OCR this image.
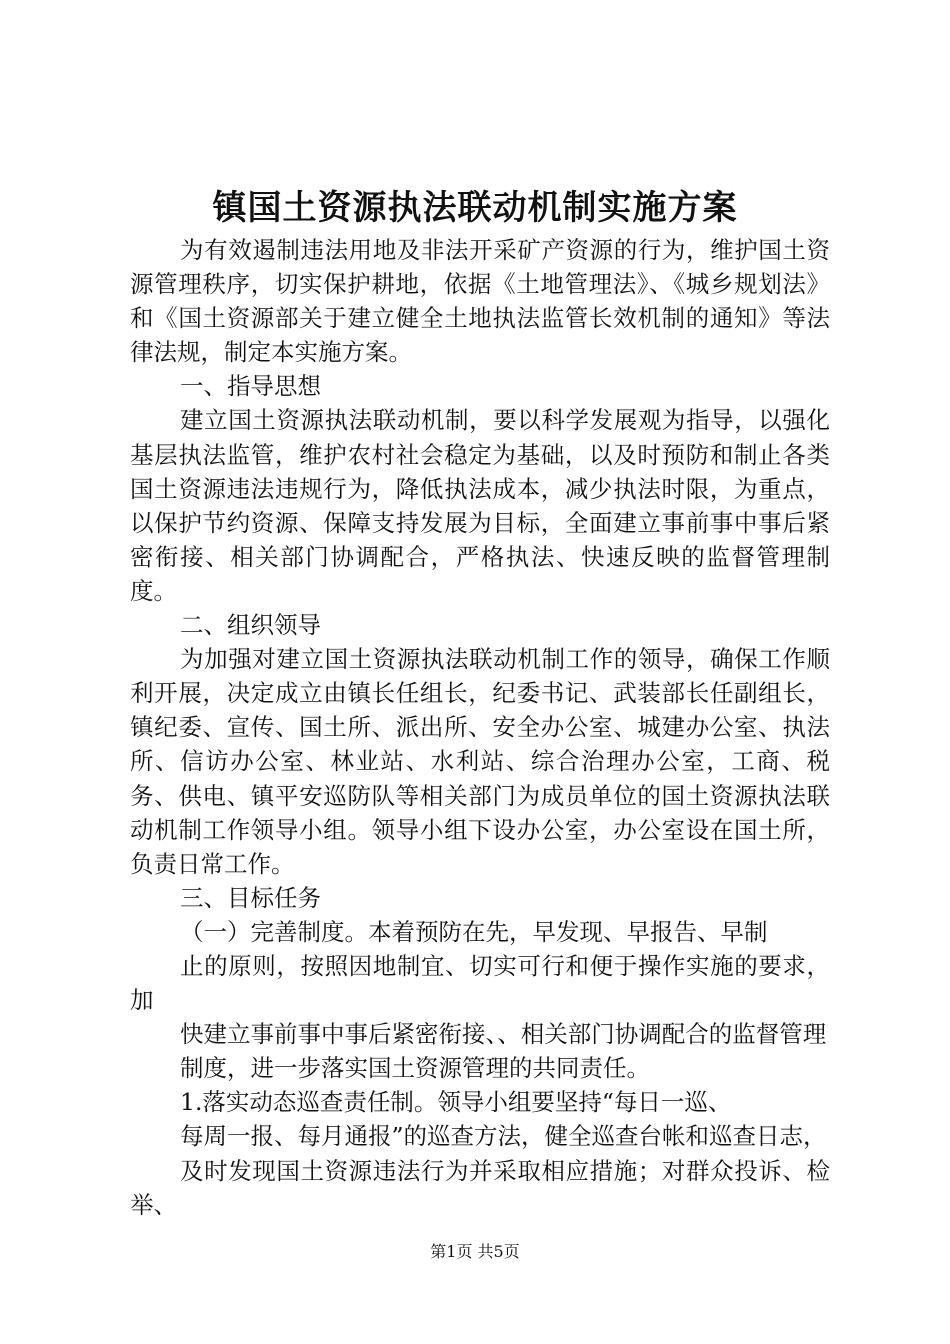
镇国土资源执法联动机制实施方案

为有效遏制违法用地及非法开采矿产资源的行为，维护国土资源管理秩序，切实保护耕地，依据《土地管理法》、《城乡规划法》和《国土资源部关于建立健全土地执法监管长效机制的通知》等法律法规，制定本实施方案。

一、指导思想

建立国土资源执法联动机制，要以科学发展观为指导，以强化基层执法监管，维护农村社会稳定为基础，以及时预防和制止各类国土资源违法违规行为，降低执法成本，减少执法时限，为重点，以保护节约资源、保障支持发展为目标，全面建立事前事中事后紧密衔接、相关部门协调配合，严格执法、快速反映的监督管理制度。

二、组织领导

为加强对建立国土资源执法联动机制工作的领导，确保工作顺利开展，决定成立由镇长任组长，纪委书记、武装部长任副组长，镇纪委、宣传、国土所、派出所、安全办公室、城建办公室、执法所、信访办公室、林业站、水利站、综合治理办公室，工商、税务、供电、镇平安巡防队等相关部门为成员单位的国土资源执法联动机制工作领导小组。领导小组下设办公室，办公室设在国土所，负责日常工作。

三、目标任务

（一）完善制度。本着预防在先，早发现、早报告、早制

止的原则，按照因地制宜、切实可行和便于操作实施的要求，加

快建立事前事中事后紧密衔接、、相关部门协调配合的监督管理

制度，进一步落实国土资源管理的共同责任。

1.落实动态巡查责任制。领导小组要坚持“每日一巡、

每周一报、每月通报”的巡查方法，健全巡查台帐和巡查日志，

及时发现国土资源违法行为并采取相应措施；对群众投诉、检举、

第1页 共5页
